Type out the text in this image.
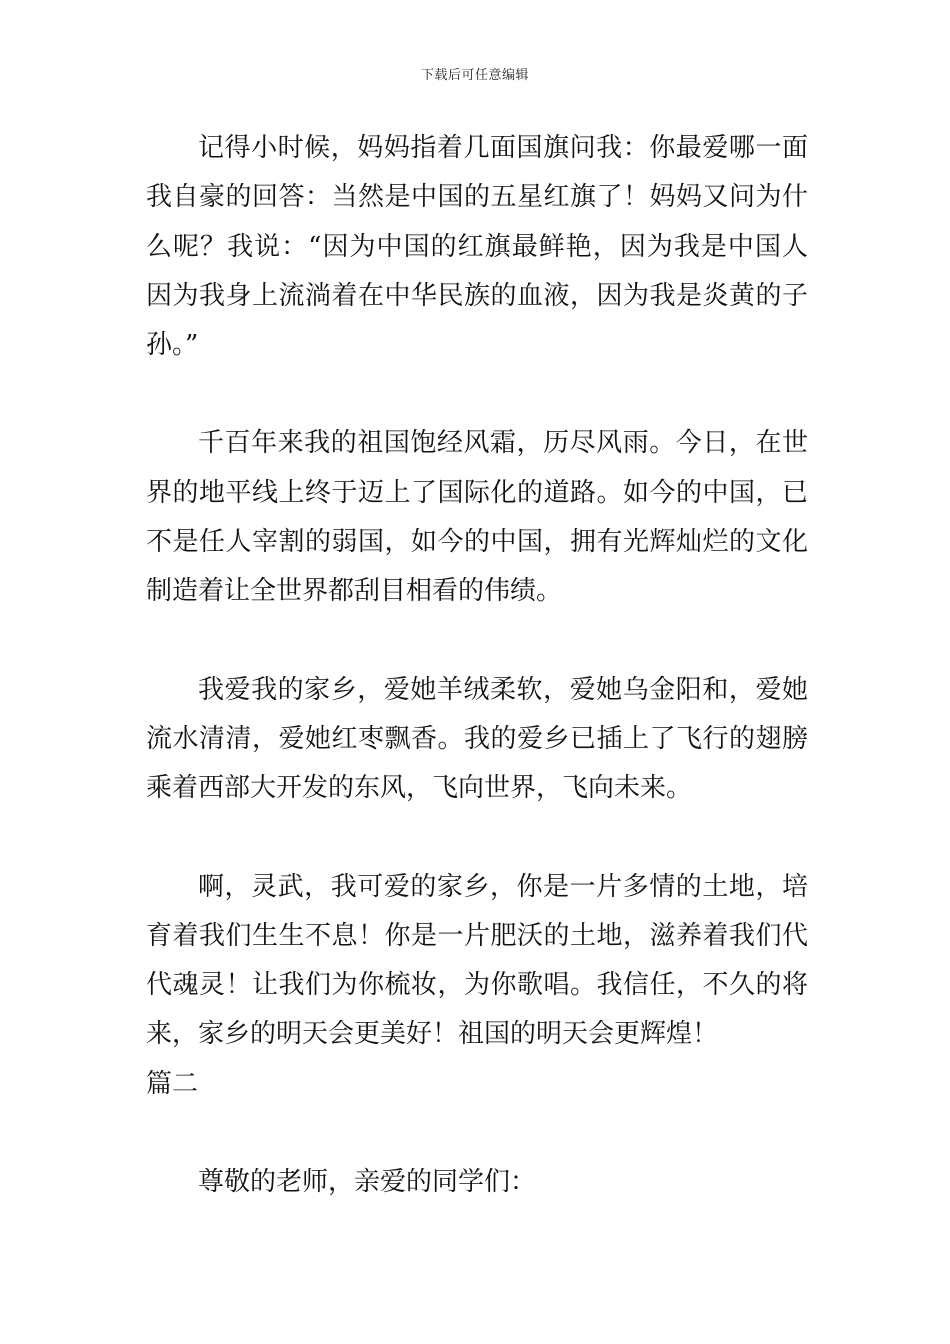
下载后可任意编辑

记得小时候，妈妈指着几面国旗问我：你最爱哪一面我自豪的回答：当然是中国的五星红旗了！妈妈又问为什么呢？我说：“因为中国的红旗最鲜艳，因为我是中国人因为我身上流淌着在中华民族的血液，因为我是炎黄的子孙。”

千百年来我的祖国饱经风霜，历尽风雨。今日，在世界的地平线上终于迈上了国际化的道路。如今的中国，已不是任人宰割的弱国，如今的中国，拥有光辉灿烂的文化制造着让全世界都刮目相看的伟绩。

我爱我的家乡，爱她羊绒柔软，爱她乌金阳和，爱她流水清清，爱她红枣飘香。我的爱乡已插上了飞行的翅膀乘着西部大开发的东风，飞向世界，飞向未来。

啊，灵武，我可爱的家乡，你是一片多情的土地，培育着我们生生不息！你是一片肥沃的土地，滋养着我们代代魂灵！让我们为你梳妆，为你歌唱。我信任，不久的将来，家乡的明天会更美好！祖国的明天会更辉煌！

篇二

尊敬的老师，亲爱的同学们：
